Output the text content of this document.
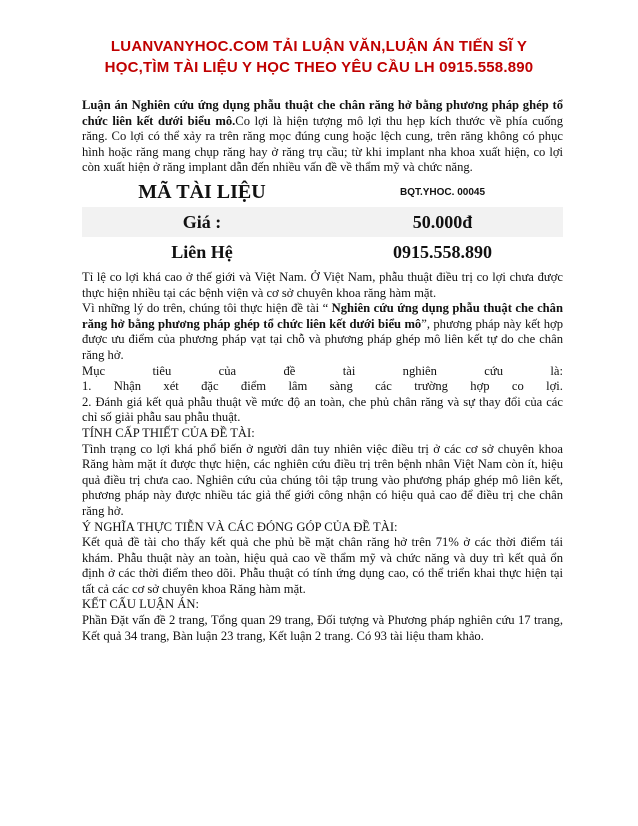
LUANVANYHOC.COM TẢI LUẬN VĂN,LUẬN ÁN TIẾN SĨ Y
HỌC,TÌM TÀI LIỆU Y HỌC THEO YÊU CẦU LH 0915.558.890
Luận án Nghiên cứu ứng dụng phẫu thuật che chân răng hở bằng phương pháp ghép tổ chức liên kết dưới biểu mô.Co lợi là hiện tượng mô lợi thu hẹp kích thước về phía cuống răng. Co lợi có thể xảy ra trên răng mọc đúng cung hoặc lệch cung, trên răng không có phục hình hoặc răng mang chụp răng hay ở răng trụ cầu; từ khi implant nha khoa xuất hiện, co lợi còn xuất hiện ở răng implant dẫn đến nhiều vấn đề về thẩm mỹ và chức năng.
MÃ TÀI LIỆU	BQT.YHOC. 00045
Giá :	50.000đ
Liên Hệ	0915.558.890

Tỉ lệ co lợi khá cao ở thế giới và Việt Nam. Ở Việt Nam, phẫu thuật điều trị co lợi chưa được thực hiện nhiều tại các bệnh viện và cơ sở chuyên khoa răng hàm mặt.

Vì những lý do trên, chúng tôi thực hiện đề tài “ Nghiên cứu ứng dụng phẫu thuật che chân răng hở bằng phương pháp ghép tổ chức liên kết dưới biểu mô”, phương pháp này kết hợp được ưu điểm của phương pháp vạt tại chỗ và phương pháp ghép mô liên kết tự do che chân răng hở.

Mục	tiêu	của	đề	tài	nghiên	cứu	là:
1. Nhận xét đặc điểm lâm sàng các trường hợp co lợi.

2. Đánh giá kết quả phẫu thuật về mức độ an toàn, che phủ chân răng và sự thay đổi của các chỉ số giải phẫu sau phẫu thuật.

TÍNH CẤP THIẾT CỦA ĐỀ TÀI:

Tình trạng co lợi khá phổ biến ở người dân tuy nhiên việc điều trị ở các cơ sở chuyên khoa Răng hàm mặt ít được thực hiện, các nghiên cứu điều trị trên bệnh nhân Việt Nam còn ít, hiệu quả điều trị chưa cao. Nghiên cứu của chúng tôi tập trung vào phương pháp ghép mô liên kết, phương pháp này được nhiều tác giả thế giới công nhận có hiệu quả cao để điều trị che chân răng hở.

Ý NGHĨA THỰC TIỄN VÀ CÁC ĐÓNG GÓP CỦA ĐỀ TÀI:

Kết quả đề tài cho thấy kết quả che phủ bề mặt chân răng hở trên 71% ở các thời điểm tái khám. Phẫu thuật này an toàn, hiệu quả cao về thẩm mỹ và chức năng và duy trì kết quả ổn định ở các thời điểm theo dõi. Phẫu thuật có tính ứng dụng cao, có thể triển khai thực hiện tại tất cả các cơ sở chuyên khoa Răng hàm mặt.

KẾT CẤU LUẬN ÁN:

Phần Đặt vấn đề 2 trang, Tổng quan 29 trang, Đối tượng và Phương pháp nghiên cứu 17 trang, Kết quả 34 trang, Bàn luận 23 trang, Kết luận 2 trang. Có 93 tài liệu tham khảo.
